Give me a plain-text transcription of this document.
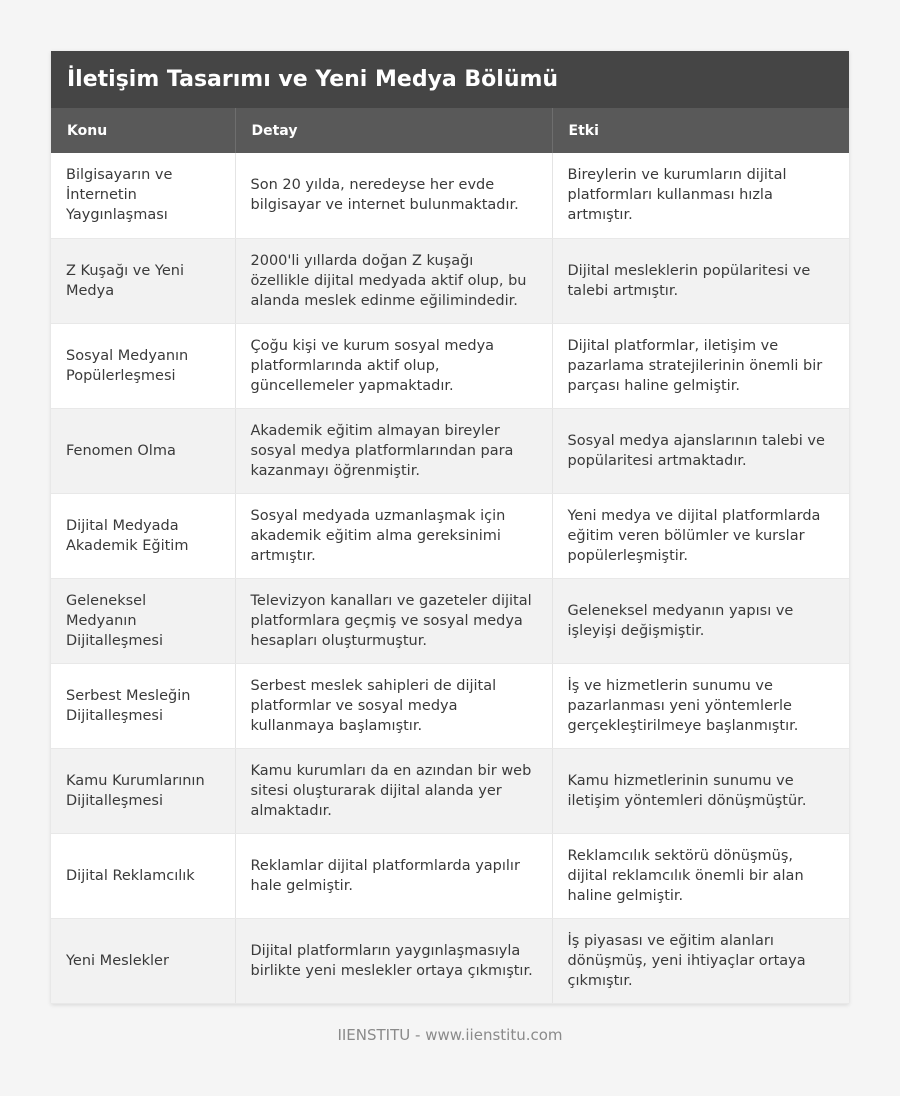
İletişim Tasarımı ve Yeni Medya Bölümü
Konu	Detay	Etki
Bilgisayarın ve İnternetin Yaygınlaşması	Son 20 yılda, neredeyse her evde bilgisayar ve internet bulunmaktadır.	Bireylerin ve kurumların dijital platformları kullanması hızla artmıştır.
Z Kuşağı ve Yeni Medya	2000'li yıllarda doğan Z kuşağı özellikle dijital medyada aktif olup, bu alanda meslek edinme eğilimindedir.	Dijital mesleklerin popülaritesi ve talebi artmıştır.
Sosyal Medyanın Popülerleşmesi	Çoğu kişi ve kurum sosyal medya platformlarında aktif olup, güncellemeler yapmaktadır.	Dijital platformlar, iletişim ve pazarlama stratejilerinin önemli bir parçası haline gelmiştir.
Fenomen Olma	Akademik eğitim almayan bireyler sosyal medya platformlarından para kazanmayı öğrenmiştir.	Sosyal medya ajanslarının talebi ve popülaritesi artmaktadır.
Dijital Medyada Akademik Eğitim	Sosyal medyada uzmanlaşmak için akademik eğitim alma gereksinimi artmıştır.	Yeni medya ve dijital platformlarda eğitim veren bölümler ve kurslar popülerleşmiştir.
Geleneksel Medyanın Dijitalleşmesi	Televizyon kanalları ve gazeteler dijital platformlara geçmiş ve sosyal medya hesapları oluşturmuştur.	Geleneksel medyanın yapısı ve işleyişi değişmiştir.
Serbest Mesleğin Dijitalleşmesi	Serbest meslek sahipleri de dijital platformlar ve sosyal medya kullanmaya başlamıştır.	İş ve hizmetlerin sunumu ve pazarlanması yeni yöntemlerle gerçekleştirilmeye başlanmıştır.
Kamu Kurumlarının Dijitalleşmesi	Kamu kurumları da en azından bir web sitesi oluşturarak dijital alanda yer almaktadır.	Kamu hizmetlerinin sunumu ve iletişim yöntemleri dönüşmüştür.
Dijital Reklamcılık	Reklamlar dijital platformlarda yapılır hale gelmiştir.	Reklamcılık sektörü dönüşmüş, dijital reklamcılık önemli bir alan haline gelmiştir.
Yeni Meslekler	Dijital platformların yaygınlaşmasıyla birlikte yeni meslekler ortaya çıkmıştır.	İş piyasası ve eğitim alanları dönüşmüş, yeni ihtiyaçlar ortaya çıkmıştır.
IIENSTITU - www.iienstitu.com
